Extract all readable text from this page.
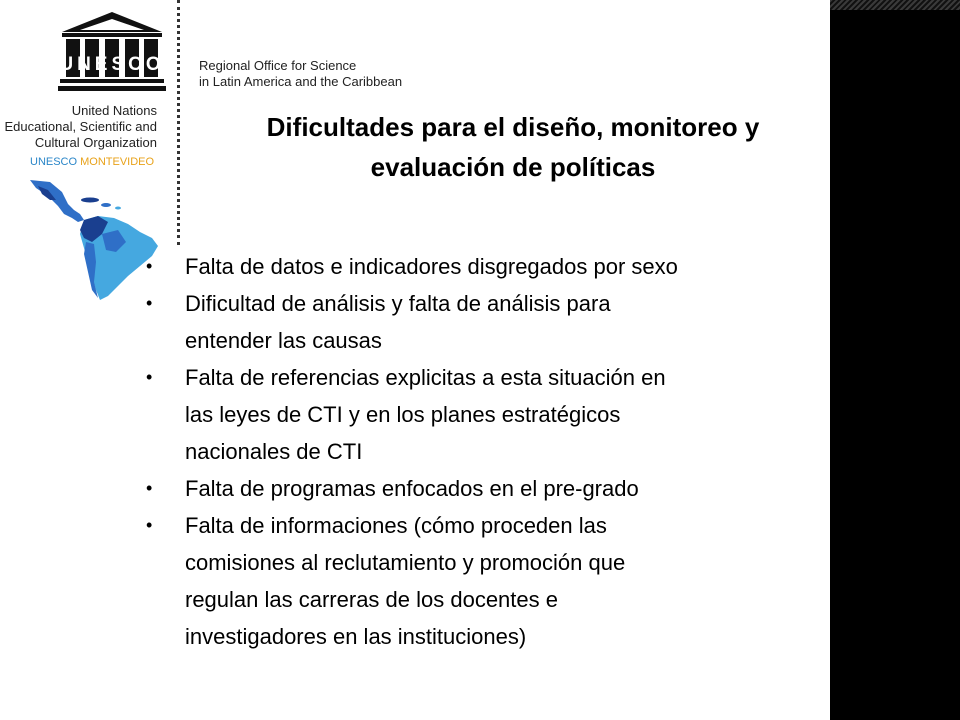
UNESCO
United Nations
Educational, Scientific and
Cultural Organization
Regional Office for Science
in Latin America and the Caribbean
UNESCO MONTEVIDEO
Dificultades para el diseño, monitoreo y
evaluación de políticas
• Falta de datos e indicadores disgregados por sexo
• Dificultad de análisis y falta de análisis para
entender las causas
• Falta de referencias explicitas a esta situación en
las leyes de CTI y en los planes estratégicos
nacionales de CTI
• Falta de programas enfocados en el pre-grado
• Falta de informaciones (cómo proceden las
comisiones al reclutamiento y promoción que
regulan las carreras de los docentes e
investigadores en las instituciones)
